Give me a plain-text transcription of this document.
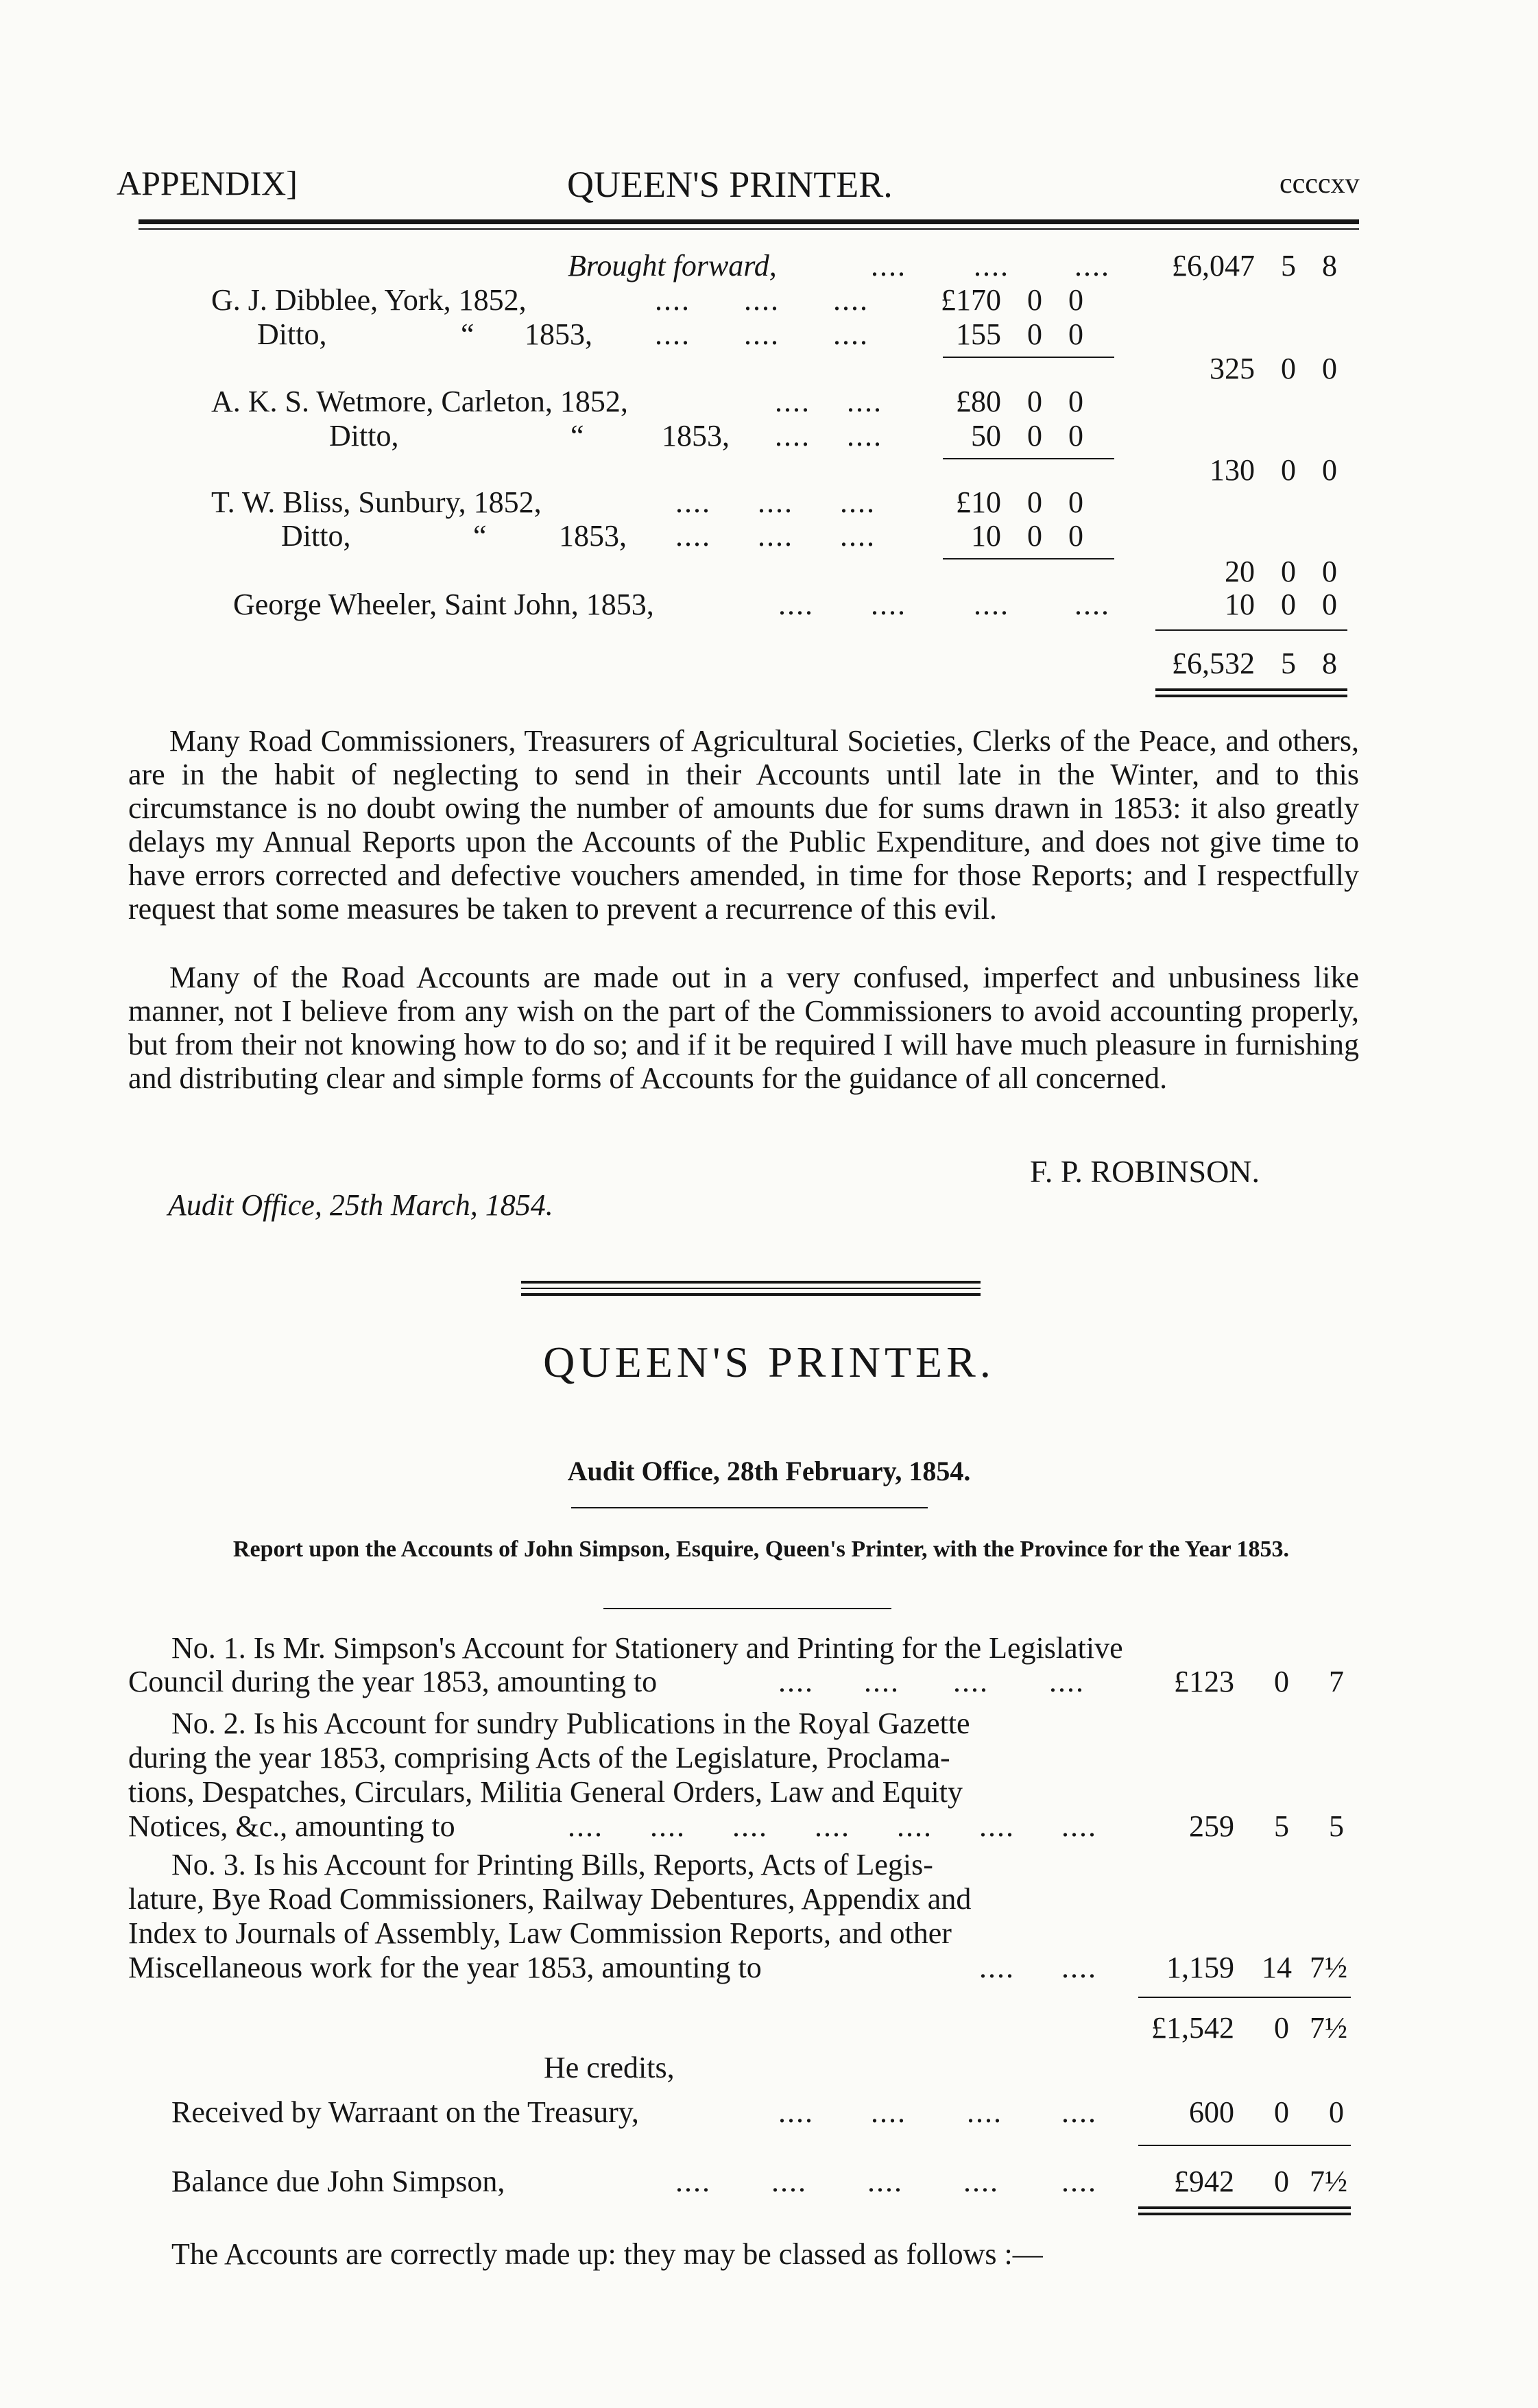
APPENDIX]	QUEEN'S PRINTER.	ccccxv
Brought forward,	.... .... ....	£6,047 5 8
G. J. Dibblee, York, 1852,	.... .... ....	£170 0 0
Ditto,	“ 1853, .... .... ....	155 0 0
325 0 0
A. K. S. Wetmore, Carleton, 1852,	.... ....	£80 0 0
Ditto,	“	1853, .... ....	50 0 0
130 0 0
T. W. Bliss, Sunbury, 1852,	.... .... ....	£10 0 0
Ditto,	“ 1853, .... .... ....	10 0 0
20 0 0
George Wheeler, Saint John, 1853,	.... .... .... ....	10 0 0
£6,532 5 8

Many Road Commissioners, Treasurers of Agricultural Societies, Clerks of the Peace, and others, are in the habit of neglecting to send in their Accounts until late in the Winter, and to this circumstance is no doubt owing the number of amounts due for sums drawn in 1853: it also greatly delays my Annual Reports upon the Accounts of the Public Expenditure, and does not give time to have errors corrected and defective vouchers amended, in time for those Reports; and I respectfully request that some measures be taken to prevent a recurrence of this evil.

Many of the Road Accounts are made out in a very confused, imperfect and unbusiness like manner, not I believe from any wish on the part of the Commissioners to avoid accounting properly, but from their not knowing how to do so; and if it be required I will have much pleasure in furnishing and distributing clear and simple forms of Accounts for the guidance of all concerned.

F. P. ROBINSON.
Audit Office, 25th March, 1854.
QUEEN'S PRINTER.
Audit Office, 28th February, 1854.
Report upon the Accounts of John Simpson, Esquire, Queen's Printer, with the Province for the Year 1853.
No. 1. Is Mr. Simpson's Account for Stationery and Printing for the Legislative
Council during the year 1853, amounting to	.... .... .... ....	£123	0	7
No. 2. Is his Account for sundry Publications in the Royal Gazette
during the year 1853, comprising Acts of the Legislature, Proclama-
tions, Despatches, Circulars, Militia General Orders, Law and Equity
Notices, &c., amounting to	.... .... .... .... .... .... ....	259	5	5
No. 3. Is his Account for Printing Bills, Reports, Acts of Legis-
lature, Bye Road Commissioners, Railway Debentures, Appendix and
Index to Journals of Assembly, Law Commission Reports, and other
Miscellaneous work for the year 1853, amounting to	.... ....	1,159 14 7½
£1,542	0 7½
He credits,
Received by Warraant on the Treasury,	.... .... .... ....	600	0	0
Balance due John Simpson,	.... .... .... .... ....	£942	0 7½
The Accounts are correctly made up: they may be classed as follows :—
